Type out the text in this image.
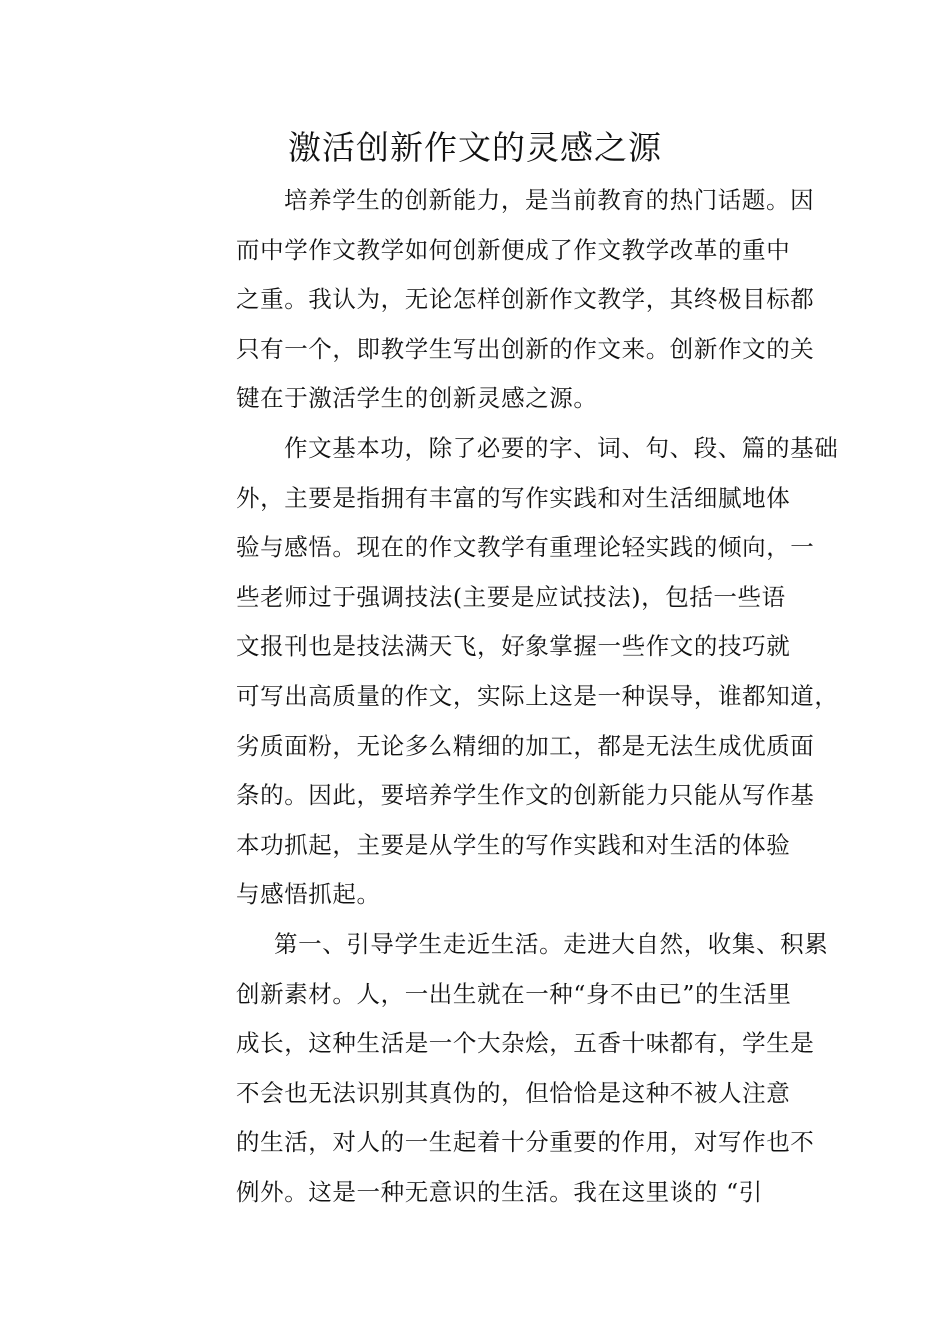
激活创新作文的灵感之源
培养学生的创新能力，是当前教育的热门话题。因
而中学作文教学如何创新便成了作文教学改革的重中
之重。我认为，无论怎样创新作文教学，其终极目标都
只有一个，即教学生写出创新的作文来。创新作文的关
键在于激活学生的创新灵感之源。
作文基本功，除了必要的字、词、句、段、篇的基础
外，主要是指拥有丰富的写作实践和对生活细腻地体
验与感悟。现在的作文教学有重理论轻实践的倾向，一
些老师过于强调技法(主要是应试技法)，包括一些语
文报刊也是技法满天飞，好象掌握一些作文的技巧就
可写出高质量的作文，实际上这是一种误导，谁都知道，
劣质面粉，无论多么精细的加工，都是无法生成优质面
条的。因此，要培养学生作文的创新能力只能从写作基
本功抓起，主要是从学生的写作实践和对生活的体验
与感悟抓起。
第一、引导学生走近生活。走进大自然，收集、积累
创新素材。人，一出生就在一种“身不由已”的生活里
成长，这种生活是一个大杂烩，五香十味都有，学生是
不会也无法识别其真伪的，但恰恰是这种不被人注意
的生活，对人的一生起着十分重要的作用，对写作也不
例外。这是一种无意识的生活。我在这里谈的 “引
